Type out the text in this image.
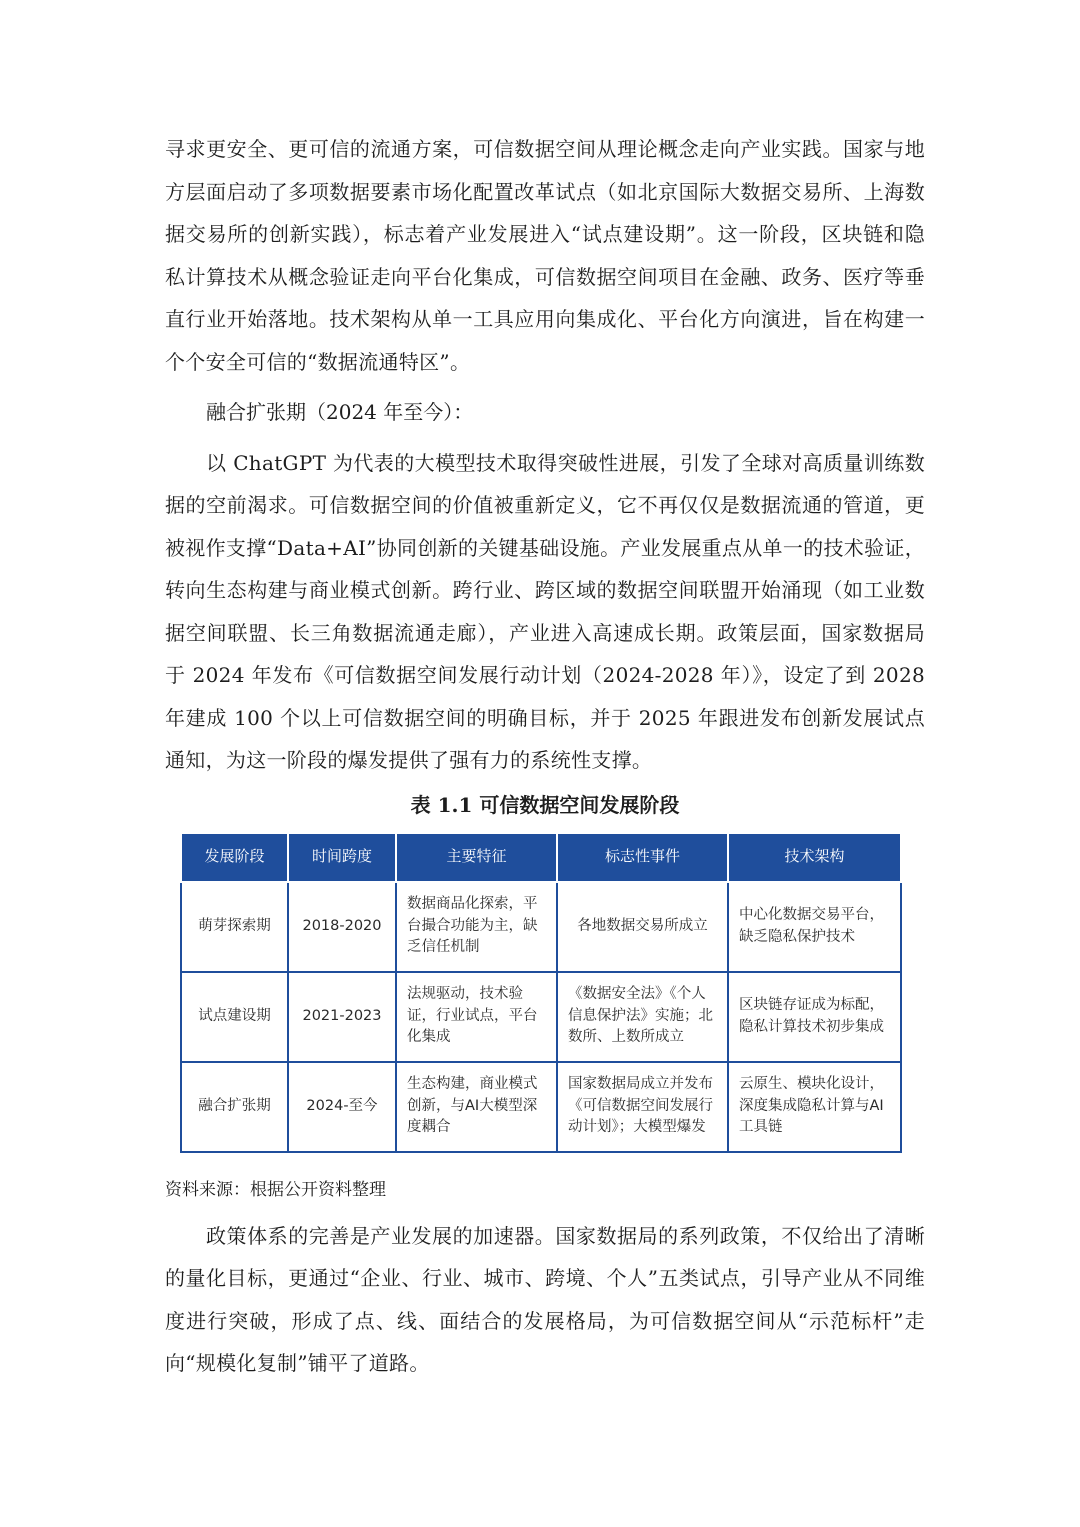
寻求更安全、更可信的流通方案，可信数据空间从理论概念走向产业实践。国家与地方层面启动了多项数据要素市场化配置改革试点（如北京国际大数据交易所、上海数据交易所的创新实践），标志着产业发展进入“试点建设期”。这一阶段，区块链和隐私计算技术从概念验证走向平台化集成，可信数据空间项目在金融、政务、医疗等垂直行业开始落地。技术架构从单一工具应用向集成化、平台化方向演进，旨在构建一个个安全可信的“数据流通特区”。

融合扩张期（2024 年至今）：

以 ChatGPT 为代表的大模型技术取得突破性进展，引发了全球对高质量训练数据的空前渴求。可信数据空间的价值被重新定义，它不再仅仅是数据流通的管道，更被视作支撑“Data+AI”协同创新的关键基础设施。产业发展重点从单一的技术验证，转向生态构建与商业模式创新。跨行业、跨区域的数据空间联盟开始涌现（如工业数据空间联盟、长三角数据流通走廊），产业进入高速成长期。政策层面，国家数据局于 2024 年发布《可信数据空间发展行动计划（2024-2028 年）》，设定了到 2028 年建成 100 个以上可信数据空间的明确目标，并于 2025 年跟进发布创新发展试点通知，为这一阶段的爆发提供了强有力的系统性支撑。

表 1.1 可信数据空间发展阶段
发展阶段	时间跨度	主要特征	标志性事件	技术架构
萌芽探索期	2018-2020	数据商品化探索，平台撮合功能为主，缺乏信任机制	各地数据交易所成立	中心化数据交易平台，缺乏隐私保护技术
试点建设期	2021-2023	法规驱动，技术验证，行业试点，平台化集成	《数据安全法》《个人信息保护法》实施；北数所、上数所成立	区块链存证成为标配，隐私计算技术初步集成
融合扩张期	2024-至今	生态构建，商业模式创新，与AI大模型深度耦合	国家数据局成立并发布《可信数据空间发展行动计划》；大模型爆发	云原生、模块化设计，深度集成隐私计算与AI工具链
资料来源：根据公开资料整理

政策体系的完善是产业发展的加速器。国家数据局的系列政策，不仅给出了清晰的量化目标，更通过“企业、行业、城市、跨境、个人”五类试点，引导产业从不同维度进行突破，形成了点、线、面结合的发展格局，为可信数据空间从“示范标杆”走向“规模化复制”铺平了道路。
